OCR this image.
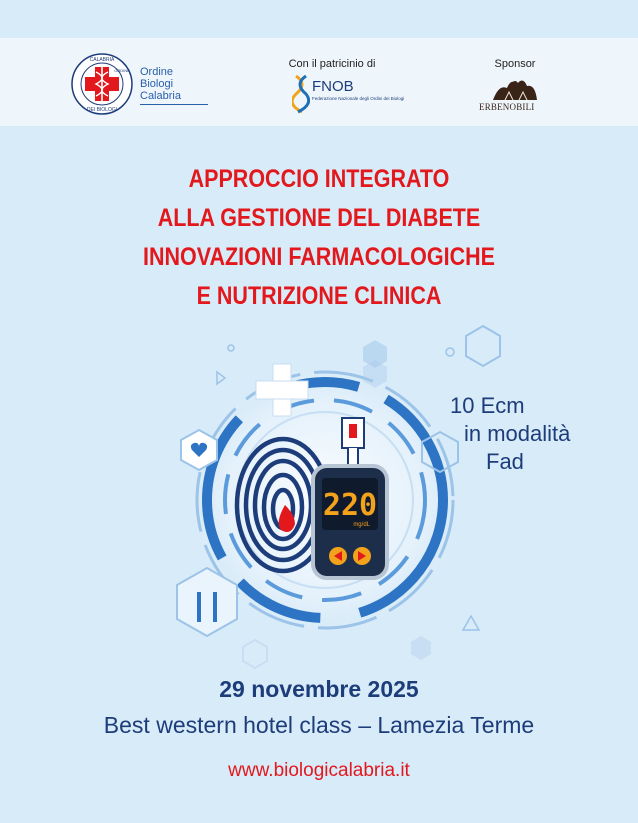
CALABRIA
ORDINE
DEI BIOLOGI
Ordine
Biologi
Calabria
Con il patricinio di
FNOB
Federazione Nazionale degli Ordini dei Biologi
Sponsor
ERBENOBILI
APPROCCIO INTEGRATO
ALLA GESTIONE DEL DIABETE
INNOVAZIONI FARMACOLOGICHE
E NUTRIZIONE CLINICA
220
mg/dL
10 Ecm
in modalità
Fad
29 novembre 2025
Best western hotel class – Lamezia Terme
www.biologicalabria.it
